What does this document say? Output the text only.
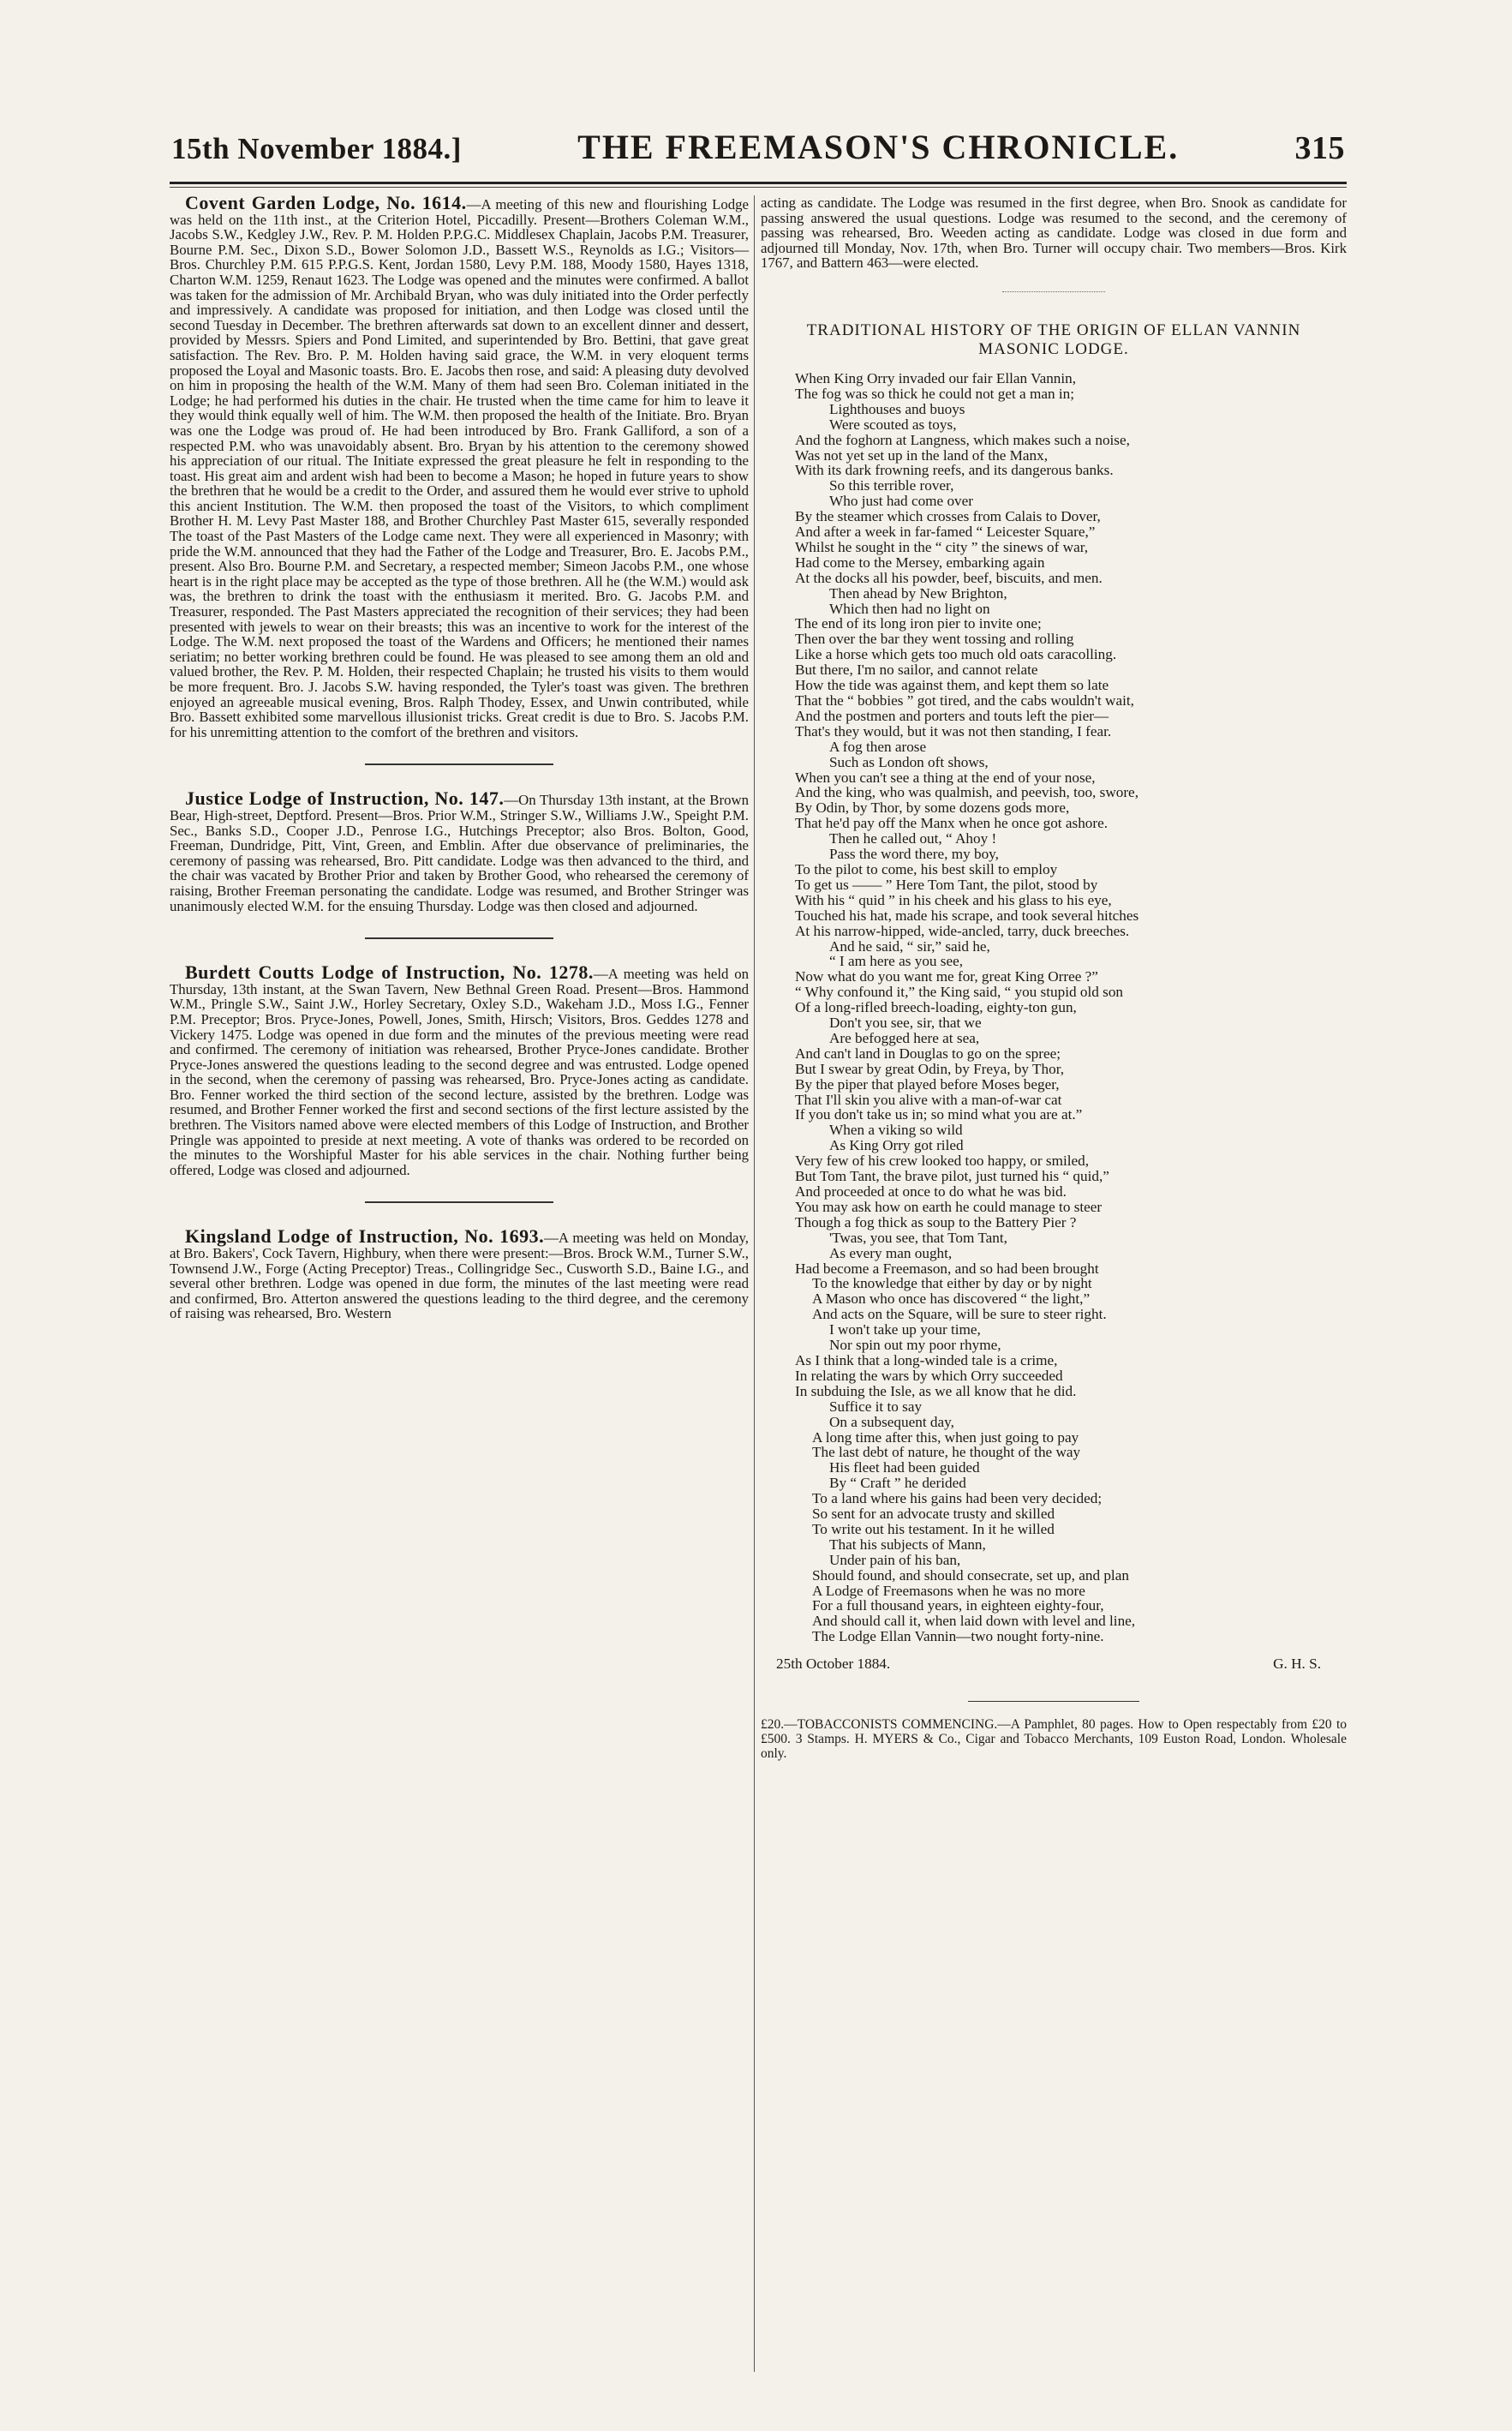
15th November 1884.]	THE FREEMASON'S CHRONICLE.	315

Covent Garden Lodge, No. 1614.—A meeting of this new and flourishing Lodge was held on the 11th inst., at the Criterion Hotel, Piccadilly. Present—Brothers Coleman W.M., Jacobs S.W., Kedgley J.W., Rev. P. M. Holden P.P.G.C. Middlesex Chaplain, Jacobs P.M. Treasurer, Bourne P.M. Sec., Dixon S.D., Bower Solomon J.D., Bassett W.S., Reynolds as I.G.; Visitors—Bros. Churchley P.M. 615 P.P.G.S. Kent, Jordan 1580, Levy P.M. 188, Moody 1580, Hayes 1318, Charton W.M. 1259, Renaut 1623. The Lodge was opened and the minutes were confirmed. A ballot was taken for the admission of Mr. Archibald Bryan, who was duly initiated into the Order perfectly and impressively. A candidate was proposed for initiation, and then Lodge was closed until the second Tuesday in December. The brethren afterwards sat down to an excellent dinner and dessert, provided by Messrs. Spiers and Pond Limited, and superintended by Bro. Bettini, that gave great satisfaction. The Rev. Bro. P. M. Holden having said grace, the W.M. in very eloquent terms proposed the Loyal and Masonic toasts. Bro. E. Jacobs then rose, and said: A pleasing duty devolved on him in proposing the health of the W.M. Many of them had seen Bro. Coleman initiated in the Lodge; he had performed his duties in the chair. He trusted when the time came for him to leave it they would think equally well of him. The W.M. then proposed the health of the Initiate. Bro. Bryan was one the Lodge was proud of. He had been introduced by Bro. Frank Galliford, a son of a respected P.M. who was unavoidably absent. Bro. Bryan by his attention to the ceremony showed his appreciation of our ritual. The Initiate expressed the great pleasure he felt in responding to the toast. His great aim and ardent wish had been to become a Mason; he hoped in future years to show the brethren that he would be a credit to the Order, and assured them he would ever strive to uphold this ancient Institution. The W.M. then proposed the toast of the Visitors, to which compliment Brother H. M. Levy Past Master 188, and Brother Churchley Past Master 615, severally responded The toast of the Past Masters of the Lodge came next. They were all experienced in Masonry; with pride the W.M. announced that they had the Father of the Lodge and Treasurer, Bro. E. Jacobs P.M., present. Also Bro. Bourne P.M. and Secretary, a respected member; Simeon Jacobs P.M., one whose heart is in the right place may be accepted as the type of those brethren. All he (the W.M.) would ask was, the brethren to drink the toast with the enthusiasm it merited. Bro. G. Jacobs P.M. and Treasurer, responded. The Past Masters appreciated the recognition of their services; they had been presented with jewels to wear on their breasts; this was an incentive to work for the interest of the Lodge. The W.M. next proposed the toast of the Wardens and Officers; he mentioned their names seriatim; no better working brethren could be found. He was pleased to see among them an old and valued brother, the Rev. P. M. Holden, their respected Chaplain; he trusted his visits to them would be more frequent. Bro. J. Jacobs S.W. having responded, the Tyler's toast was given. The brethren enjoyed an agreeable musical evening, Bros. Ralph Thodey, Essex, and Unwin contributed, while Bro. Bassett exhibited some marvellous illusionist tricks. Great credit is due to Bro. S. Jacobs P.M. for his unremitting attention to the comfort of the brethren and visitors.

Justice Lodge of Instruction, No. 147.—On Thursday 13th instant, at the Brown Bear, High-street, Deptford. Present—Bros. Prior W.M., Stringer S.W., Williams J.W., Speight P.M. Sec., Banks S.D., Cooper J.D., Penrose I.G., Hutchings Preceptor; also Bros. Bolton, Good, Freeman, Dundridge, Pitt, Vint, Green, and Emblin. After due observance of preliminaries, the ceremony of passing was rehearsed, Bro. Pitt candidate. Lodge was then advanced to the third, and the chair was vacated by Brother Prior and taken by Brother Good, who rehearsed the ceremony of raising, Brother Freeman personating the candidate. Lodge was resumed, and Brother Stringer was unanimously elected W.M. for the ensuing Thursday. Lodge was then closed and adjourned.

Burdett Coutts Lodge of Instruction, No. 1278.—A meeting was held on Thursday, 13th instant, at the Swan Tavern, New Bethnal Green Road. Present—Bros. Hammond W.M., Pringle S.W., Saint J.W., Horley Secretary, Oxley S.D., Wakeham J.D., Moss I.G., Fenner P.M. Preceptor; Bros. Pryce-Jones, Powell, Jones, Smith, Hirsch; Visitors, Bros. Geddes 1278 and Vickery 1475. Lodge was opened in due form and the minutes of the previous meeting were read and confirmed. The ceremony of initiation was rehearsed, Brother Pryce-Jones candidate. Brother Pryce-Jones answered the questions leading to the second degree and was entrusted. Lodge opened in the second, when the ceremony of passing was rehearsed, Bro. Pryce-Jones acting as candidate. Bro. Fenner worked the third section of the second lecture, assisted by the brethren. Lodge was resumed, and Brother Fenner worked the first and second sections of the first lecture assisted by the brethren. The Visitors named above were elected members of this Lodge of Instruction, and Brother Pringle was appointed to preside at next meeting. A vote of thanks was ordered to be recorded on the minutes to the Worshipful Master for his able services in the chair. Nothing further being offered, Lodge was closed and adjourned.

Kingsland Lodge of Instruction, No. 1693.—A meeting was held on Monday, at Bro. Bakers', Cock Tavern, Highbury, when there were present:—Bros. Brock W.M., Turner S.W., Townsend J.W., Forge (Acting Preceptor) Treas., Collingridge Sec., Cusworth S.D., Baine I.G., and several other brethren. Lodge was opened in due form, the minutes of the last meeting were read and confirmed, Bro. Atterton answered the questions leading to the third degree, and the ceremony of raising was rehearsed, Bro. Western

acting as candidate. The Lodge was resumed in the first degree, when Bro. Snook as candidate for passing answered the usual questions. Lodge was resumed to the second, and the ceremony of passing was rehearsed, Bro. Weeden acting as candidate. Lodge was closed in due form and adjourned till Monday, Nov. 17th, when Bro. Turner will occupy chair. Two members—Bros. Kirk 1767, and Battern 463—were elected.

TRADITIONAL HISTORY OF THE ORIGIN OF ELLAN VANNIN MASONIC LODGE.
When King Orry invaded our fair Ellan Vannin,
The fog was so thick he could not get a man in;
Lighthouses and buoys
Were scouted as toys,
And the foghorn at Langness, which makes such a noise,
Was not yet set up in the land of the Manx,
With its dark frowning reefs, and its dangerous banks.
So this terrible rover,
Who just had come over
By the steamer which crosses from Calais to Dover,
And after a week in far-famed “ Leicester Square,”
Whilst he sought in the “ city ” the sinews of war,
Had come to the Mersey, embarking again
At the docks all his powder, beef, biscuits, and men.
Then ahead by New Brighton,
Which then had no light on
The end of its long iron pier to invite one;
Then over the bar they went tossing and rolling
Like a horse which gets too much old oats caracolling.
But there, I'm no sailor, and cannot relate
How the tide was against them, and kept them so late
That the “ bobbies ” got tired, and the cabs wouldn't wait,
And the postmen and porters and touts left the pier—
That's they would, but it was not then standing, I fear.
A fog then arose
Such as London oft shows,
When you can't see a thing at the end of your nose,
And the king, who was qualmish, and peevish, too, swore,
By Odin, by Thor, by some dozens gods more,
That he'd pay off the Manx when he once got ashore.
Then he called out, “ Ahoy !
Pass the word there, my boy,
To the pilot to come, his best skill to employ
To get us —— ” Here Tom Tant, the pilot, stood by
With his “ quid ” in his cheek and his glass to his eye,
Touched his hat, made his scrape, and took several hitches
At his narrow-hipped, wide-ancled, tarry, duck breeches.
And he said, “ sir,” said he,
“ I am here as you see,
Now what do you want me for, great King Orree ?”
“ Why confound it,” the King said, “ you stupid old son
Of a long-rifled breech-loading, eighty-ton gun,
Don't you see, sir, that we
Are befogged here at sea,
And can't land in Douglas to go on the spree;
But I swear by great Odin, by Freya, by Thor,
By the piper that played before Moses beger,
That I'll skin you alive with a man-of-war cat
If you don't take us in; so mind what you are at.”
When a viking so wild
As King Orry got riled
Very few of his crew looked too happy, or smiled,
But Tom Tant, the brave pilot, just turned his “ quid,”
And proceeded at once to do what he was bid.
You may ask how on earth he could manage to steer
Though a fog thick as soup to the Battery Pier ?
'Twas, you see, that Tom Tant,
As every man ought,
Had become a Freemason, and so had been brought
To the knowledge that either by day or by night
A Mason who once has discovered “ the light,”
And acts on the Square, will be sure to steer right.
I won't take up your time,
Nor spin out my poor rhyme,
As I think that a long-winded tale is a crime,
In relating the wars by which Orry succeeded
In subduing the Isle, as we all know that he did.
Suffice it to say
On a subsequent day,
A long time after this, when just going to pay
The last debt of nature, he thought of the way
His fleet had been guided
By “ Craft ” he derided
To a land where his gains had been very decided;
So sent for an advocate trusty and skilled
To write out his testament. In it he willed
That his subjects of Mann,
Under pain of his ban,
Should found, and should consecrate, set up, and plan
A Lodge of Freemasons when he was no more
For a full thousand years, in eighteen eighty-four,
And should call it, when laid down with level and line,
The Lodge Ellan Vannin—two nought forty-nine.
25th October 1884.	G. H. S.
£20.—TOBACCONISTS COMMENCING.—A Pamphlet, 80 pages. How to Open respectably from £20 to £500. 3 Stamps. H. MYERS & Co., Cigar and Tobacco Merchants, 109 Euston Road, London. Wholesale only.
